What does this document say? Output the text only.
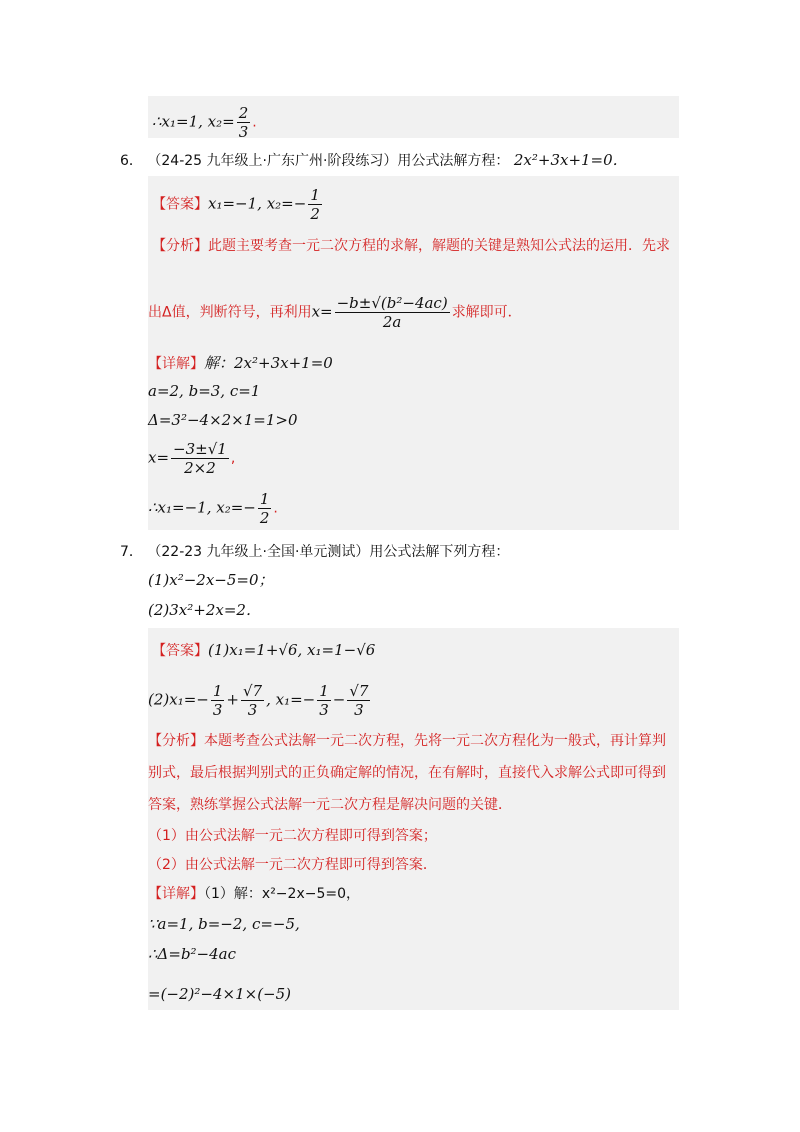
∴x₁=1, $x_2= \frac{2}{3}$ .
6． （24-25 九年级上·广东广州·阶段练习）用公式法解方程： 2x²+3x+1=0．
【答案】x₁=−1, $x_2=- \frac{1}{2}$
【分析】此题主要考查一元二次方程的求解，解题的关键是熟知公式法的运用．先求
出Δ值，判断符号，再利用$x= \frac{\text{−b±√(b²−4ac)}}{2a}$ 求解即可．
【详解】解：2x²+3x+1=0
a=2, b=3, c=1
Δ=3²−4×2×1=1>0
$x= \frac{-3\pm√1}{2\times 2}$ ,
∴x₁=−1, $x_2=- \frac{1}{2}$ .
7． （22-23 九年级上·全国·单元测试）用公式法解下列方程：
(1)x²−2x−5=0；
(2)3x²+2x=2．
【答案】(1)x₁=1+√6, x₁=1−√6
$(2)x_1=- \frac{1}{3} + \frac{√7}{3}$ , $x_1=- \frac{1}{3} - \frac{√7}{3}$
【分析】本题考查公式法解一元二次方程，先将一元二次方程化为一般式，再计算判
别式，最后根据判别式的正负确定解的情况，在有解时，直接代入求解公式即可得到
答案，熟练掌握公式法解一元二次方程是解决问题的关键．
（1）由公式法解一元二次方程即可得到答案；
（2）由公式法解一元二次方程即可得到答案．
【详解】（1）解：x²−2x−5=0，
∵a=1, b=−2, c=−5,
∴Δ=b²−4ac
=(−2)²−4×1×(−5)
